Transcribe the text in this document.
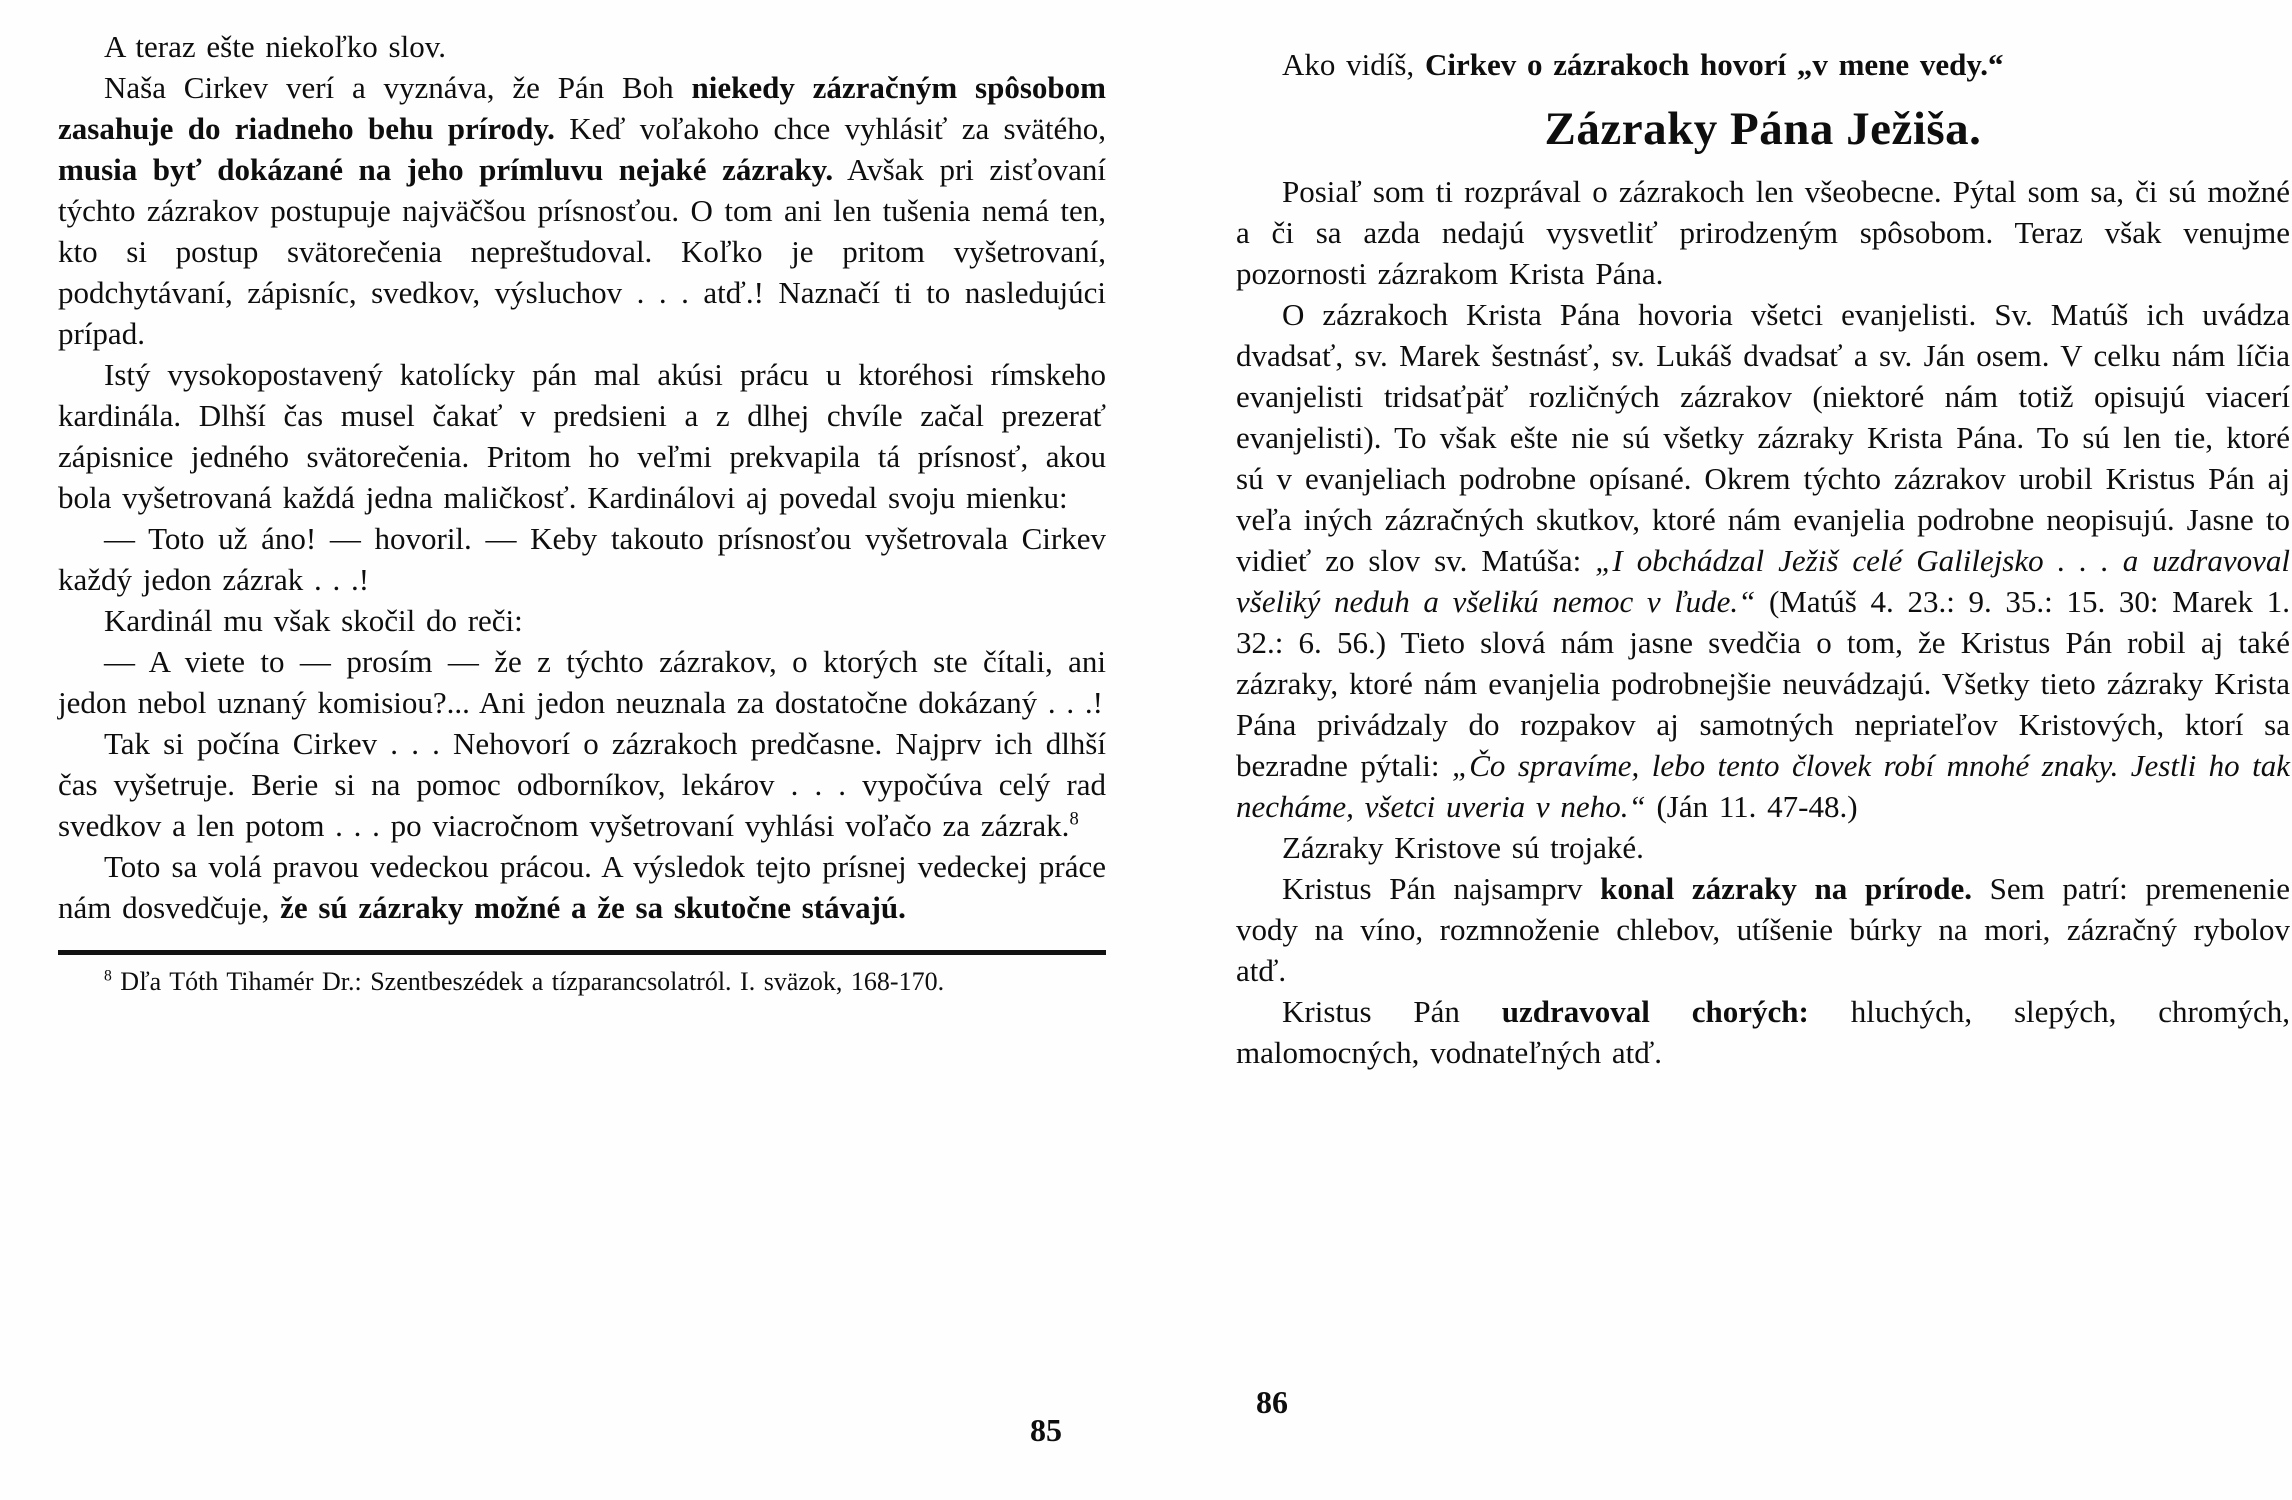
A teraz ešte niekoľko slov.

Naša Cirkev verí a vyznáva, že Pán Boh niekedy zázračným spôsobom zasahuje do riadneho behu prírody. Keď voľakoho chce vyhlásiť za svätého, musia byť dokázané na jeho prímluvu nejaké zázraky. Avšak pri zisťovaní týchto zázrakov postupuje najväčšou prísnosťou. O tom ani len tušenia nemá ten, kto si postup svätorečenia nepreštudoval. Koľko je pritom vyšetrovaní, podchytávaní, zápisníc, svedkov, výsluchov . . . atď.! Naznačí ti to nasledujúci prípad.

Istý vysokopostavený katolícky pán mal akúsi prácu u ktoréhosi rímskeho kardinála. Dlhší čas musel čakať v predsieni a z dlhej chvíle začal prezerať zápisnice jedného svätorečenia. Pritom ho veľmi prekvapila tá prísnosť, akou bola vyšetrovaná každá jedna maličkosť. Kardinálovi aj povedal svoju mienku:

— Toto už áno! — hovoril. — Keby takouto prísnosťou vyšetrovala Cirkev každý jedon zázrak . . .!

Kardinál mu však skočil do reči:

— A viete to — prosím — že z týchto zázrakov, o ktorých ste čítali, ani jedon nebol uznaný komisiou?... Ani jedon neuznala za dostatočne dokázaný . . .!

Tak si počína Cirkev . . . Nehovorí o zázrakoch predčasne. Najprv ich dlhší čas vyšetruje. Berie si na pomoc odborníkov, lekárov . . . vypočúva celý rad svedkov a len potom . . . po viacročnom vyšetrovaní vyhlási voľačo za zázrak.$^8$

Toto sa volá pravou vedeckou prácou. A výsledok tejto prísnej vedeckej práce nám dosvedčuje, že sú zázraky možné a že sa skutočne stávajú.

$^8$ Dľa Tóth Tihamér Dr.: Szentbeszédek a tízparancsolatról. I. sväzok, 168-170.

85

Ako vidíš, Cirkev o zázrakoch hovorí „v mene vedy.“

Zázraky Pána Ježiša.

Posiaľ som ti rozprával o zázrakoch len všeobecne. Pýtal som sa, či sú možné a či sa azda nedajú vysvetliť prirodzeným spôsobom. Teraz však venujme pozornosti zázrakom Krista Pána.

O zázrakoch Krista Pána hovoria všetci evanjelisti. Sv. Matúš ich uvádza dvadsať, sv. Marek šestnásť, sv. Lukáš dvadsať a sv. Ján osem. V celku nám líčia evanjelisti tridsaťpäť rozličných zázrakov (niektoré nám totiž opisujú viacerí evanjelisti). To však ešte nie sú všetky zázraky Krista Pána. To sú len tie, ktoré sú v evanjeliach podrobne opísané. Okrem týchto zázrakov urobil Kristus Pán aj veľa iných zázračných skutkov, ktoré nám evanjelia podrobne neopisujú. Jasne to vidieť zo slov sv. Matúša: „I obchádzal Ježiš celé Galilejsko . . . a uzdravoval všeliký neduh a všelikú nemoc v ľude.“ (Matúš 4. 23.: 9. 35.: 15. 30: Marek 1. 32.: 6. 56.) Tieto slová nám jasne svedčia o tom, že Kristus Pán robil aj také zázraky, ktoré nám evanjelia podrobnejšie neuvádzajú. Všetky tieto zázraky Krista Pána privádzaly do rozpakov aj samotných nepriateľov Kristových, ktorí sa bezradne pýtali: „Čo spravíme, lebo tento človek robí mnohé znaky. Jestli ho tak necháme, všetci uveria v neho.“ (Ján 11. 47-48.)

Zázraky Kristove sú trojaké.

Kristus Pán najsamprv konal zázraky na prírode. Sem patrí: premenenie vody na víno, rozmnoženie chlebov, utíšenie búrky na mori, zázračný rybolov atď.

Kristus Pán uzdravoval chorých: hluchých, slepých, chromých, malomocných, vodnateľných atď.

86
